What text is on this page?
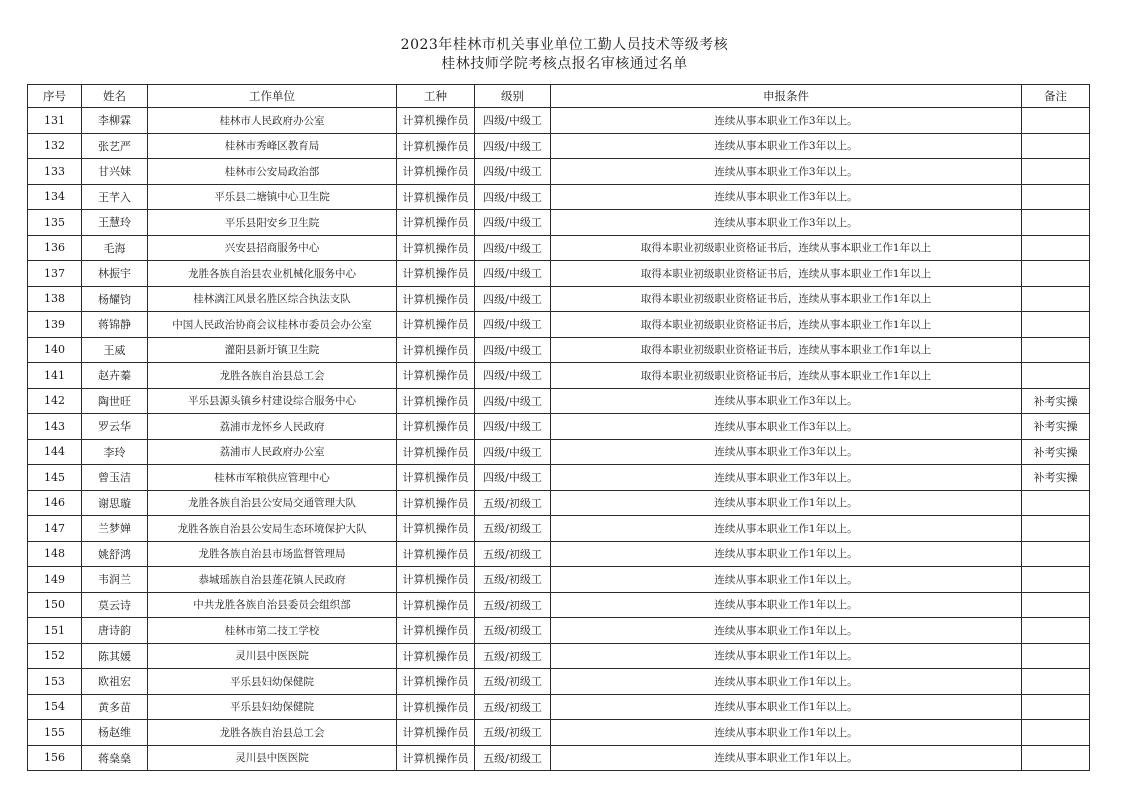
2023年桂林市机关事业单位工勤人员技术等级考核
桂林技师学院考核点报名审核通过名单
序号	姓名	工作单位	工种	级别	申报条件	备注
131	李柳霖	桂林市人民政府办公室	计算机操作员	四级/中级工	连续从事本职业工作3年以上。	
132	张艺严	桂林市秀峰区教育局	计算机操作员	四级/中级工	连续从事本职业工作3年以上。	
133	甘兴妹	桂林市公安局政治部	计算机操作员	四级/中级工	连续从事本职业工作3年以上。	
134	王芊入	平乐县二塘镇中心卫生院	计算机操作员	四级/中级工	连续从事本职业工作3年以上。	
135	王慧玲	平乐县阳安乡卫生院	计算机操作员	四级/中级工	连续从事本职业工作3年以上。	
136	毛海	兴安县招商服务中心	计算机操作员	四级/中级工	取得本职业初级职业资格证书后，连续从事本职业工作1年以上	
137	林振宇	龙胜各族自治县农业机械化服务中心	计算机操作员	四级/中级工	取得本职业初级职业资格证书后，连续从事本职业工作1年以上	
138	杨耀钧	桂林漓江风景名胜区综合执法支队	计算机操作员	四级/中级工	取得本职业初级职业资格证书后，连续从事本职业工作1年以上	
139	蒋锦静	中国人民政治协商会议桂林市委员会办公室	计算机操作员	四级/中级工	取得本职业初级职业资格证书后，连续从事本职业工作1年以上	
140	王威	灌阳县新圩镇卫生院	计算机操作员	四级/中级工	取得本职业初级职业资格证书后，连续从事本职业工作1年以上	
141	赵卉蓁	龙胜各族自治县总工会	计算机操作员	四级/中级工	取得本职业初级职业资格证书后，连续从事本职业工作1年以上	
142	陶世旺	平乐县源头镇乡村建设综合服务中心	计算机操作员	四级/中级工	连续从事本职业工作3年以上。	补考实操
143	罗云华	荔浦市龙怀乡人民政府	计算机操作员	四级/中级工	连续从事本职业工作3年以上。	补考实操
144	李玲	荔浦市人民政府办公室	计算机操作员	四级/中级工	连续从事本职业工作3年以上。	补考实操
145	曾玉洁	桂林市军粮供应管理中心	计算机操作员	四级/中级工	连续从事本职业工作3年以上。	补考实操
146	谢思璇	龙胜各族自治县公安局交通管理大队	计算机操作员	五级/初级工	连续从事本职业工作1年以上。	
147	兰梦婵	龙胜各族自治县公安局生态环境保护大队	计算机操作员	五级/初级工	连续从事本职业工作1年以上。	
148	姚舒鸿	龙胜各族自治县市场监督管理局	计算机操作员	五级/初级工	连续从事本职业工作1年以上。	
149	韦润兰	恭城瑶族自治县莲花镇人民政府	计算机操作员	五级/初级工	连续从事本职业工作1年以上。	
150	莫云诗	中共龙胜各族自治县委员会组织部	计算机操作员	五级/初级工	连续从事本职业工作1年以上。	
151	唐诗韵	桂林市第二技工学校	计算机操作员	五级/初级工	连续从事本职业工作1年以上。	
152	陈其媛	灵川县中医医院	计算机操作员	五级/初级工	连续从事本职业工作1年以上。	
153	欧祖宏	平乐县妇幼保健院	计算机操作员	五级/初级工	连续从事本职业工作1年以上。	
154	黄多苗	平乐县妇幼保健院	计算机操作员	五级/初级工	连续从事本职业工作1年以上。	
155	杨赵维	龙胜各族自治县总工会	计算机操作员	五级/初级工	连续从事本职业工作1年以上。	
156	蒋燊燊	灵川县中医医院	计算机操作员	五级/初级工	连续从事本职业工作1年以上。	
